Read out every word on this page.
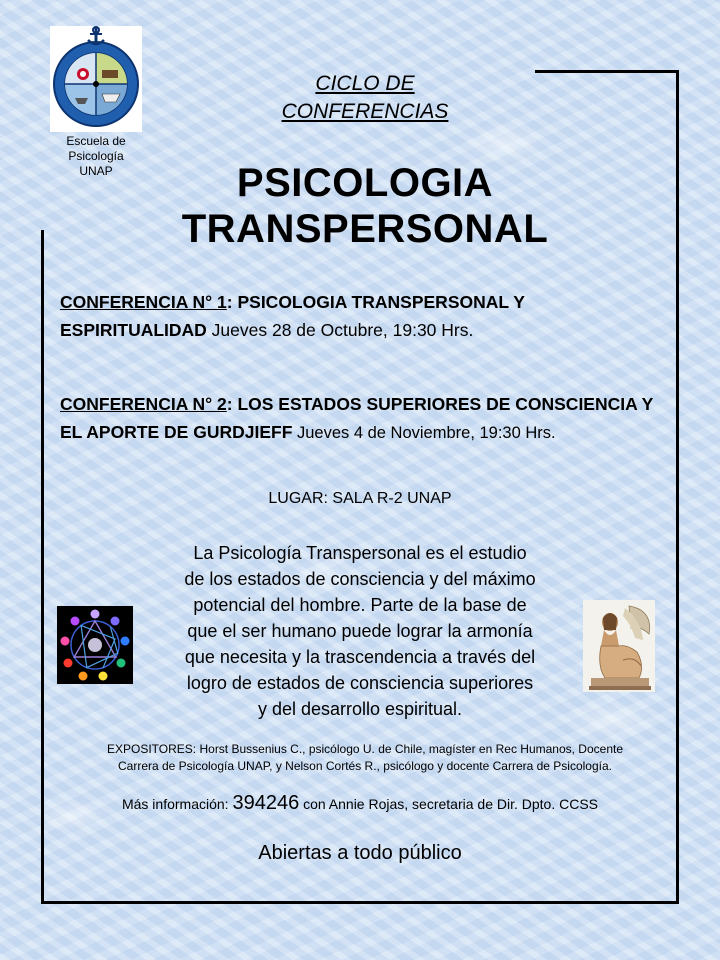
Escuela de
Psicología
UNAP
CICLO DE
CONFERENCIAS
PSICOLOGIA
TRANSPERSONAL
CONFERENCIA N° 1: PSICOLOGIA TRANSPERSONAL Y ESPIRITUALIDAD Jueves 28 de Octubre, 19:30 Hrs.
CONFERENCIA N° 2: LOS ESTADOS SUPERIORES DE CONSCIENCIA Y EL APORTE DE GURDJIEFF Jueves 4 de Noviembre, 19:30 Hrs.
LUGAR: SALA R-2 UNAP
La Psicología Transpersonal es el estudio
de los estados de consciencia y del máximo
potencial del hombre. Parte de la base de
que el ser humano puede lograr la armonía
que necesita y la trascendencia a través del
logro de estados de consciencia superiores
y del desarrollo espiritual.
EXPOSITORES: Horst Bussenius C., psicólogo U. de Chile, magíster en Rec Humanos, Docente
Carrera de Psicología UNAP, y Nelson Cortés R., psicólogo y docente Carrera de Psicología.
Más información: 394246 con Annie Rojas, secretaria de Dir. Dpto. CCSS
Abiertas a todo público
